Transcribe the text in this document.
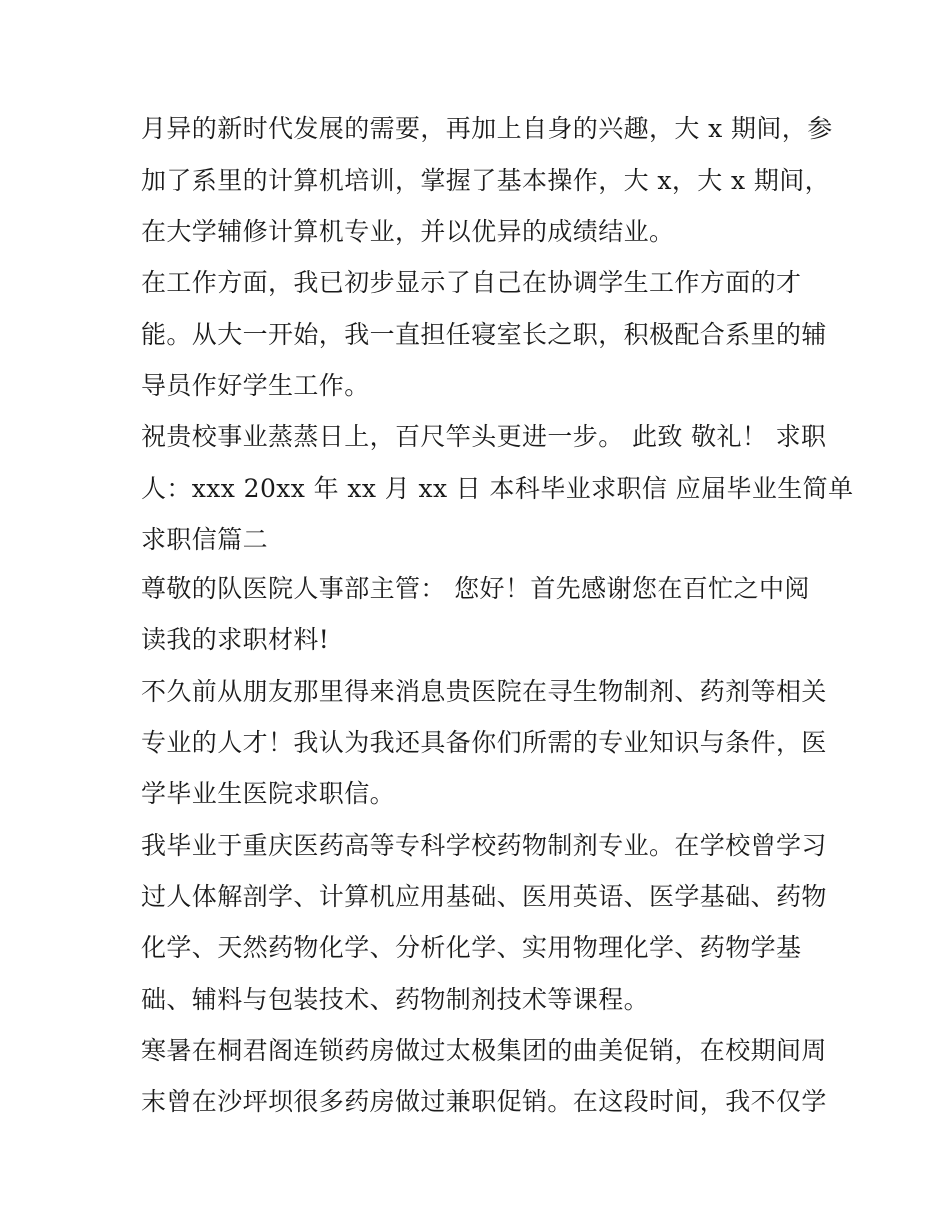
月异的新时代发展的需要，再加上自身的兴趣，大 x 期间，参
加了系里的计算机培训，掌握了基本操作，大 x，大 x 期间，
在大学辅修计算机专业，并以优异的成绩结业。
在工作方面，我已初步显示了自己在协调学生工作方面的才
能。从大一开始，我一直担任寝室长之职，积极配合系里的辅
导员作好学生工作。
祝贵校事业蒸蒸日上，百尺竿头更进一步。 此致 敬礼！ 求职
人：xxx 20xx 年 xx 月 xx 日 本科毕业求职信 应届毕业生简单
求职信篇二
尊敬的队医院人事部主管： 您好！首先感谢您在百忙之中阅
读我的求职材料!
不久前从朋友那里得来消息贵医院在寻生物制剂、药剂等相关
专业的人才！我认为我还具备你们所需的专业知识与条件，医
学毕业生医院求职信。
我毕业于重庆医药高等专科学校药物制剂专业。在学校曾学习
过人体解剖学、计算机应用基础、医用英语、医学基础、药物
化学、天然药物化学、分析化学、实用物理化学、药物学基
础、辅料与包装技术、药物制剂技术等课程。
寒暑在桐君阁连锁药房做过太极集团的曲美促销，在校期间周
末曾在沙坪坝很多药房做过兼职促销。在这段时间，我不仅学
